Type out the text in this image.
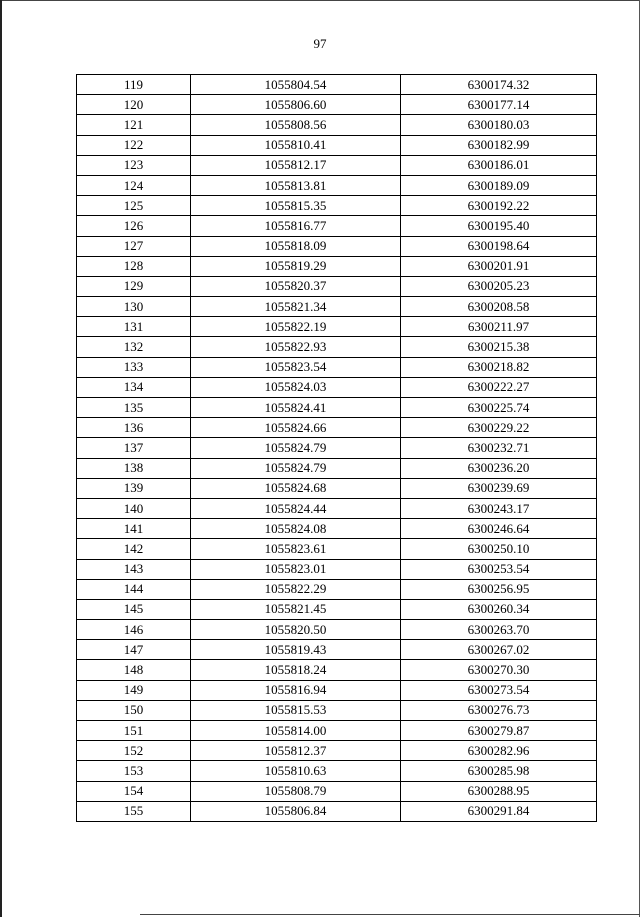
97
119	1055804.54	6300174.32
120	1055806.60	6300177.14
121	1055808.56	6300180.03
122	1055810.41	6300182.99
123	1055812.17	6300186.01
124	1055813.81	6300189.09
125	1055815.35	6300192.22
126	1055816.77	6300195.40
127	1055818.09	6300198.64
128	1055819.29	6300201.91
129	1055820.37	6300205.23
130	1055821.34	6300208.58
131	1055822.19	6300211.97
132	1055822.93	6300215.38
133	1055823.54	6300218.82
134	1055824.03	6300222.27
135	1055824.41	6300225.74
136	1055824.66	6300229.22
137	1055824.79	6300232.71
138	1055824.79	6300236.20
139	1055824.68	6300239.69
140	1055824.44	6300243.17
141	1055824.08	6300246.64
142	1055823.61	6300250.10
143	1055823.01	6300253.54
144	1055822.29	6300256.95
145	1055821.45	6300260.34
146	1055820.50	6300263.70
147	1055819.43	6300267.02
148	1055818.24	6300270.30
149	1055816.94	6300273.54
150	1055815.53	6300276.73
151	1055814.00	6300279.87
152	1055812.37	6300282.96
153	1055810.63	6300285.98
154	1055808.79	6300288.95
155	1055806.84	6300291.84
